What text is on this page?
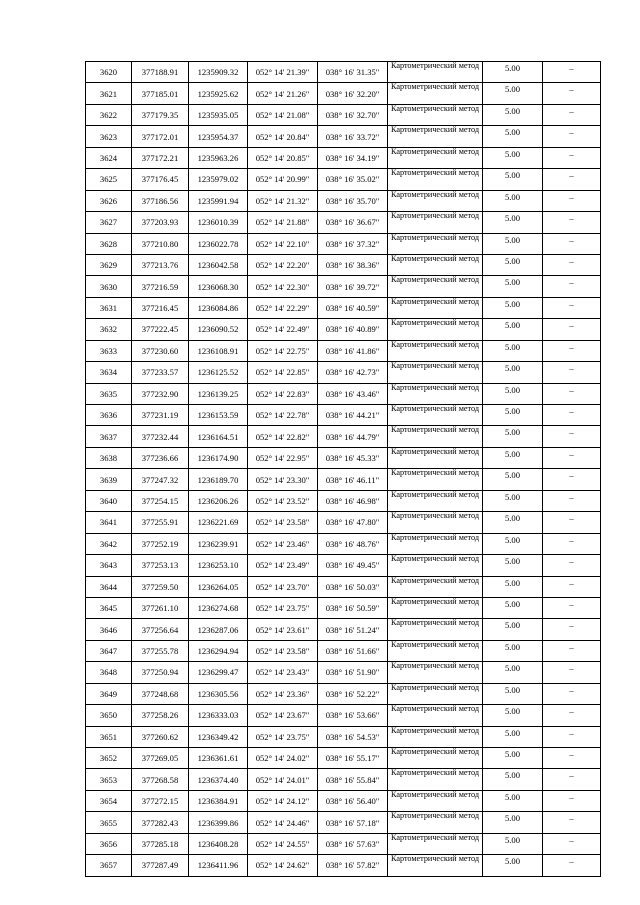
3620	377188.91	1235909.32	052° 14' 21.39"	038° 16' 31.35"	Картометрический метод	5.00	–
3621	377185.01	1235925.62	052° 14' 21.26"	038° 16' 32.20"	Картометрический метод	5.00	–
3622	377179.35	1235935.05	052° 14' 21.08"	038° 16' 32.70"	Картометрический метод	5.00	–
3623	377172.01	1235954.37	052° 14' 20.84"	038° 16' 33.72"	Картометрический метод	5.00	–
3624	377172.21	1235963.26	052° 14' 20.85"	038° 16' 34.19"	Картометрический метод	5.00	–
3625	377176.45	1235979.02	052° 14' 20.99"	038° 16' 35.02"	Картометрический метод	5.00	–
3626	377186.56	1235991.94	052° 14' 21.32"	038° 16' 35.70"	Картометрический метод	5.00	–
3627	377203.93	1236010.39	052° 14' 21.88"	038° 16' 36.67"	Картометрический метод	5.00	–
3628	377210.80	1236022.78	052° 14' 22.10"	038° 16' 37.32"	Картометрический метод	5.00	–
3629	377213.76	1236042.58	052° 14' 22.20"	038° 16' 38.36"	Картометрический метод	5.00	–
3630	377216.59	1236068.30	052° 14' 22.30"	038° 16' 39.72"	Картометрический метод	5.00	–
3631	377216.45	1236084.86	052° 14' 22.29"	038° 16' 40.59"	Картометрический метод	5.00	–
3632	377222.45	1236090.52	052° 14' 22.49"	038° 16' 40.89"	Картометрический метод	5.00	–
3633	377230.60	1236108.91	052° 14' 22.75"	038° 16' 41.86"	Картометрический метод	5.00	–
3634	377233.57	1236125.52	052° 14' 22.85"	038° 16' 42.73"	Картометрический метод	5.00	–
3635	377232.90	1236139.25	052° 14' 22.83"	038° 16' 43.46"	Картометрический метод	5.00	–
3636	377231.19	1236153.59	052° 14' 22.78"	038° 16' 44.21"	Картометрический метод	5.00	–
3637	377232.44	1236164.51	052° 14' 22.82"	038° 16' 44.79"	Картометрический метод	5.00	–
3638	377236.66	1236174.90	052° 14' 22.95"	038° 16' 45.33"	Картометрический метод	5.00	–
3639	377247.32	1236189.70	052° 14' 23.30"	038° 16' 46.11"	Картометрический метод	5.00	–
3640	377254.15	1236206.26	052° 14' 23.52"	038° 16' 46.98"	Картометрический метод	5.00	–
3641	377255.91	1236221.69	052° 14' 23.58"	038° 16' 47.80"	Картометрический метод	5.00	–
3642	377252.19	1236239.91	052° 14' 23.46"	038° 16' 48.76"	Картометрический метод	5.00	–
3643	377253.13	1236253.10	052° 14' 23.49"	038° 16' 49.45"	Картометрический метод	5.00	–
3644	377259.50	1236264.05	052° 14' 23.70"	038° 16' 50.03"	Картометрический метод	5.00	–
3645	377261.10	1236274.68	052° 14' 23.75"	038° 16' 50.59"	Картометрический метод	5.00	–
3646	377256.64	1236287.06	052° 14' 23.61"	038° 16' 51.24"	Картометрический метод	5.00	–
3647	377255.78	1236294.94	052° 14' 23.58"	038° 16' 51.66"	Картометрический метод	5.00	–
3648	377250.94	1236299.47	052° 14' 23.43"	038° 16' 51.90"	Картометрический метод	5.00	–
3649	377248.68	1236305.56	052° 14' 23.36"	038° 16' 52.22"	Картометрический метод	5.00	–
3650	377258.26	1236333.03	052° 14' 23.67"	038° 16' 53.66"	Картометрический метод	5.00	–
3651	377260.62	1236349.42	052° 14' 23.75"	038° 16' 54.53"	Картометрический метод	5.00	–
3652	377269.05	1236361.61	052° 14' 24.02"	038° 16' 55.17"	Картометрический метод	5.00	–
3653	377268.58	1236374.40	052° 14' 24.01"	038° 16' 55.84"	Картометрический метод	5.00	–
3654	377272.15	1236384.91	052° 14' 24.12"	038° 16' 56.40"	Картометрический метод	5.00	–
3655	377282.43	1236399.86	052° 14' 24.46"	038° 16' 57.18"	Картометрический метод	5.00	–
3656	377285.18	1236408.28	052° 14' 24.55"	038° 16' 57.63"	Картометрический метод	5.00	–
3657	377287.49	1236411.96	052° 14' 24.62"	038° 16' 57.82"	Картометрический метод	5.00	–
